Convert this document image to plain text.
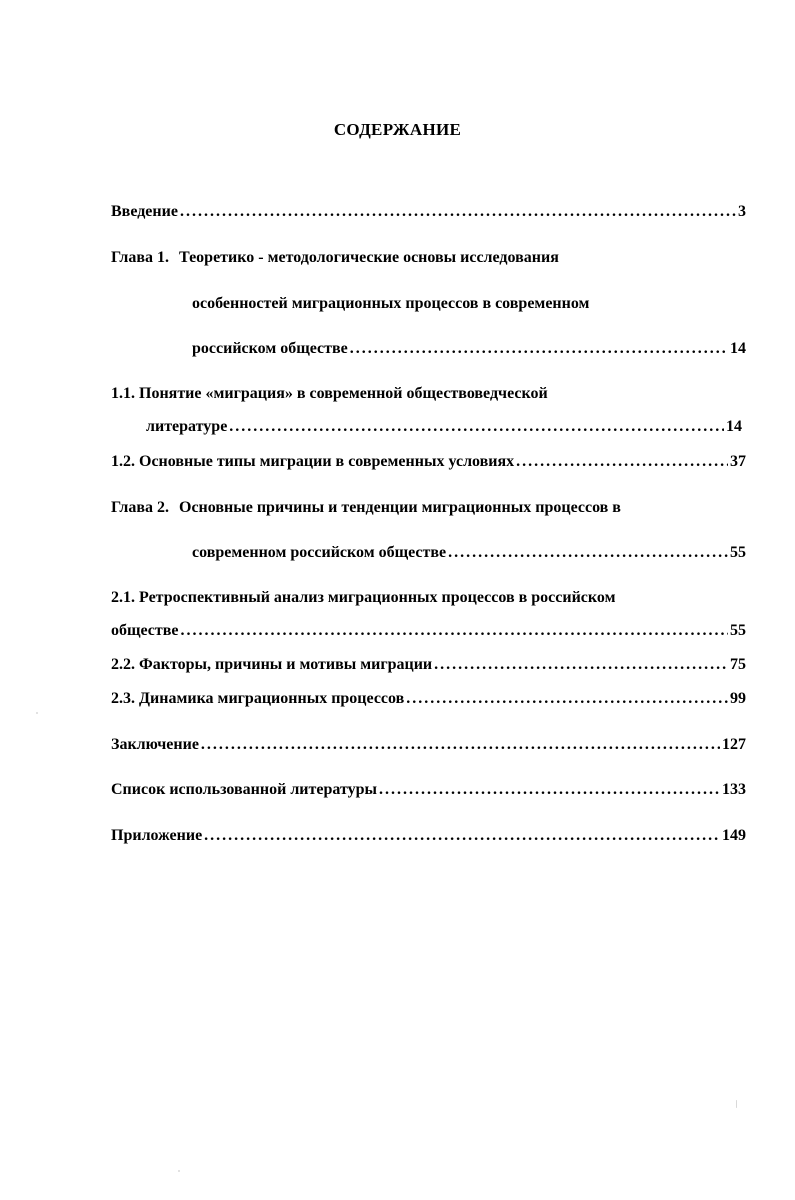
СОДЕРЖАНИЕ
Введение .....	3
Глава 1. Теоретико - методологические основы исследования
особенностей миграционных процессов в современном
российском обществе .....	14
1.1. Понятие «миграция» в современной обществоведческой
литературе .....	14
1.2. Основные типы миграции в современных условиях .....	37
Глава 2. Основные причины и тенденции миграционных процессов в
современном российском обществе .....	55
2.1. Ретроспективный анализ миграционных процессов в российском
обществе .....	55
2.2. Факторы, причины и мотивы миграции .....	75
2.3. Динамика миграционных процессов .....	99
Заключение .....	127
Список использованной литературы .....	133
Приложение .....	149
